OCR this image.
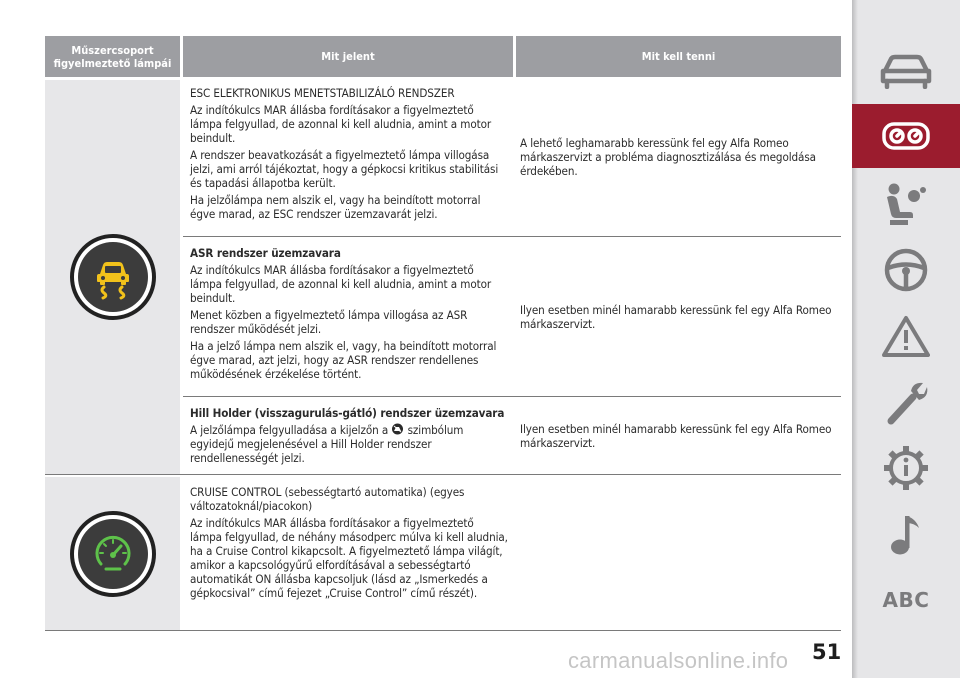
Műszercsoport figyelmeztető lámpái	Mit jelent	Mit kell tenni

ESC ELEKTRONIKUS MENETSTABILIZÁLÓ RENDSZER

Az indítókulcs MAR állásba fordításakor a figyelmeztető lámpa felgyullad, de azonnal ki kell aludnia, amint a motor beindult.

A rendszer beavatkozását a figyelmeztető lámpa villogása jelzi, ami arról tájékoztat, hogy a gépkocsi kritikus stabilitási és tapadási állapotba került.

Ha jelzőlámpa nem alszik el, vagy ha beindított motorral égve marad, az ESC rendszer üzemzavarát jelzi.

A lehető leghamarabb keressünk fel egy Alfa Romeo márkaszervizt a probléma diagnosztizálása és megoldása érdekében.

ASR rendszer üzemzavara

Az indítókulcs MAR állásba fordításakor a figyelmeztető lámpa felgyullad, de azonnal ki kell aludnia, amint a motor beindult.

Menet közben a figyelmeztető lámpa villogása az ASR rendszer működését jelzi.

Ha a jelző lámpa nem alszik el, vagy, ha beindított motorral égve marad, azt jelzi, hogy az ASR rendszer rendellenes működésének érzékelése történt.

Ilyen esetben minél hamarabb keressünk fel egy Alfa Romeo márkaszervizt.

Hill Holder (visszagurulás-gátló) rendszer üzemzavara

A jelzőlámpa felgyulladása a kijelzőn a szimbólum egyidejű megjelenésével a Hill Holder rendszer rendellenességét jelzi.

Ilyen esetben minél hamarabb keressünk fel egy Alfa Romeo márkaszervizt.

CRUISE CONTROL (sebességtartó automatika) (egyes változatoknál/piacokon)

Az indítókulcs MAR állásba fordításakor a figyelmeztető lámpa felgyullad, de néhány másodperc múlva ki kell aludnia, ha a Cruise Control kikapcsolt. A figyelmeztető lámpa világít, amikor a kapcsológyűrű elfordításával a sebességtartó automatikát ON állásba kapcsoljuk (lásd az „Ismerkedés a gépkocsival” című fejezet „Cruise Control” című részét).

51
carmanualsonline.info
ABC
